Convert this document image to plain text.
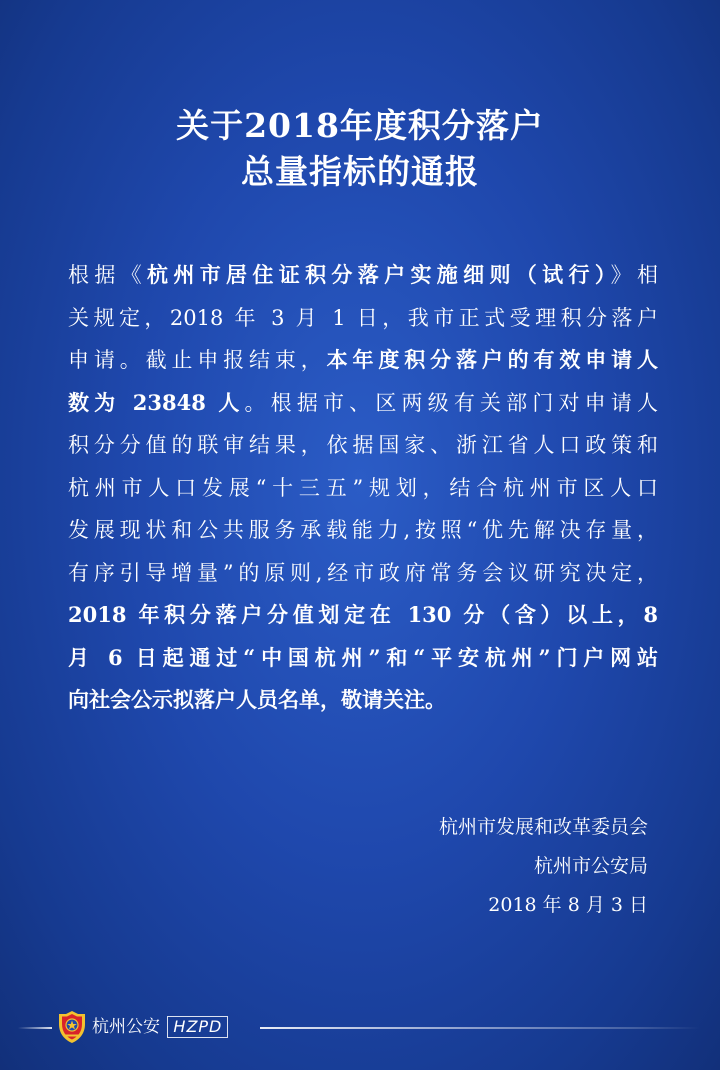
关于2018年度积分落户
总量指标的通报
根据《杭州市居住证积分落户实施细则（试行）》相
关规定，2018 年 3 月 1 日，我市正式受理积分落户
申请。截止申报结束，本年度积分落户的有效申请人
数为 23848 人。根据市、区两级有关部门对申请人
积分分值的联审结果，依据国家、浙江省人口政策和
杭州市人口发展“十三五”规划，结合杭州市区人口
发展现状和公共服务承载能力,按照“优先解决存量，
有序引导增量”的原则,经市政府常务会议研究决定，
2018 年积分落户分值划定在 130 分（含）以上，8
月 6 日起通过“中国杭州”和“平安杭州”门户网站
向社会公示拟落户人员名单，敬请关注。
杭州市发展和改革委员会
杭州市公安局
2018 年 8 月 3 日
杭州公安 HZPD
